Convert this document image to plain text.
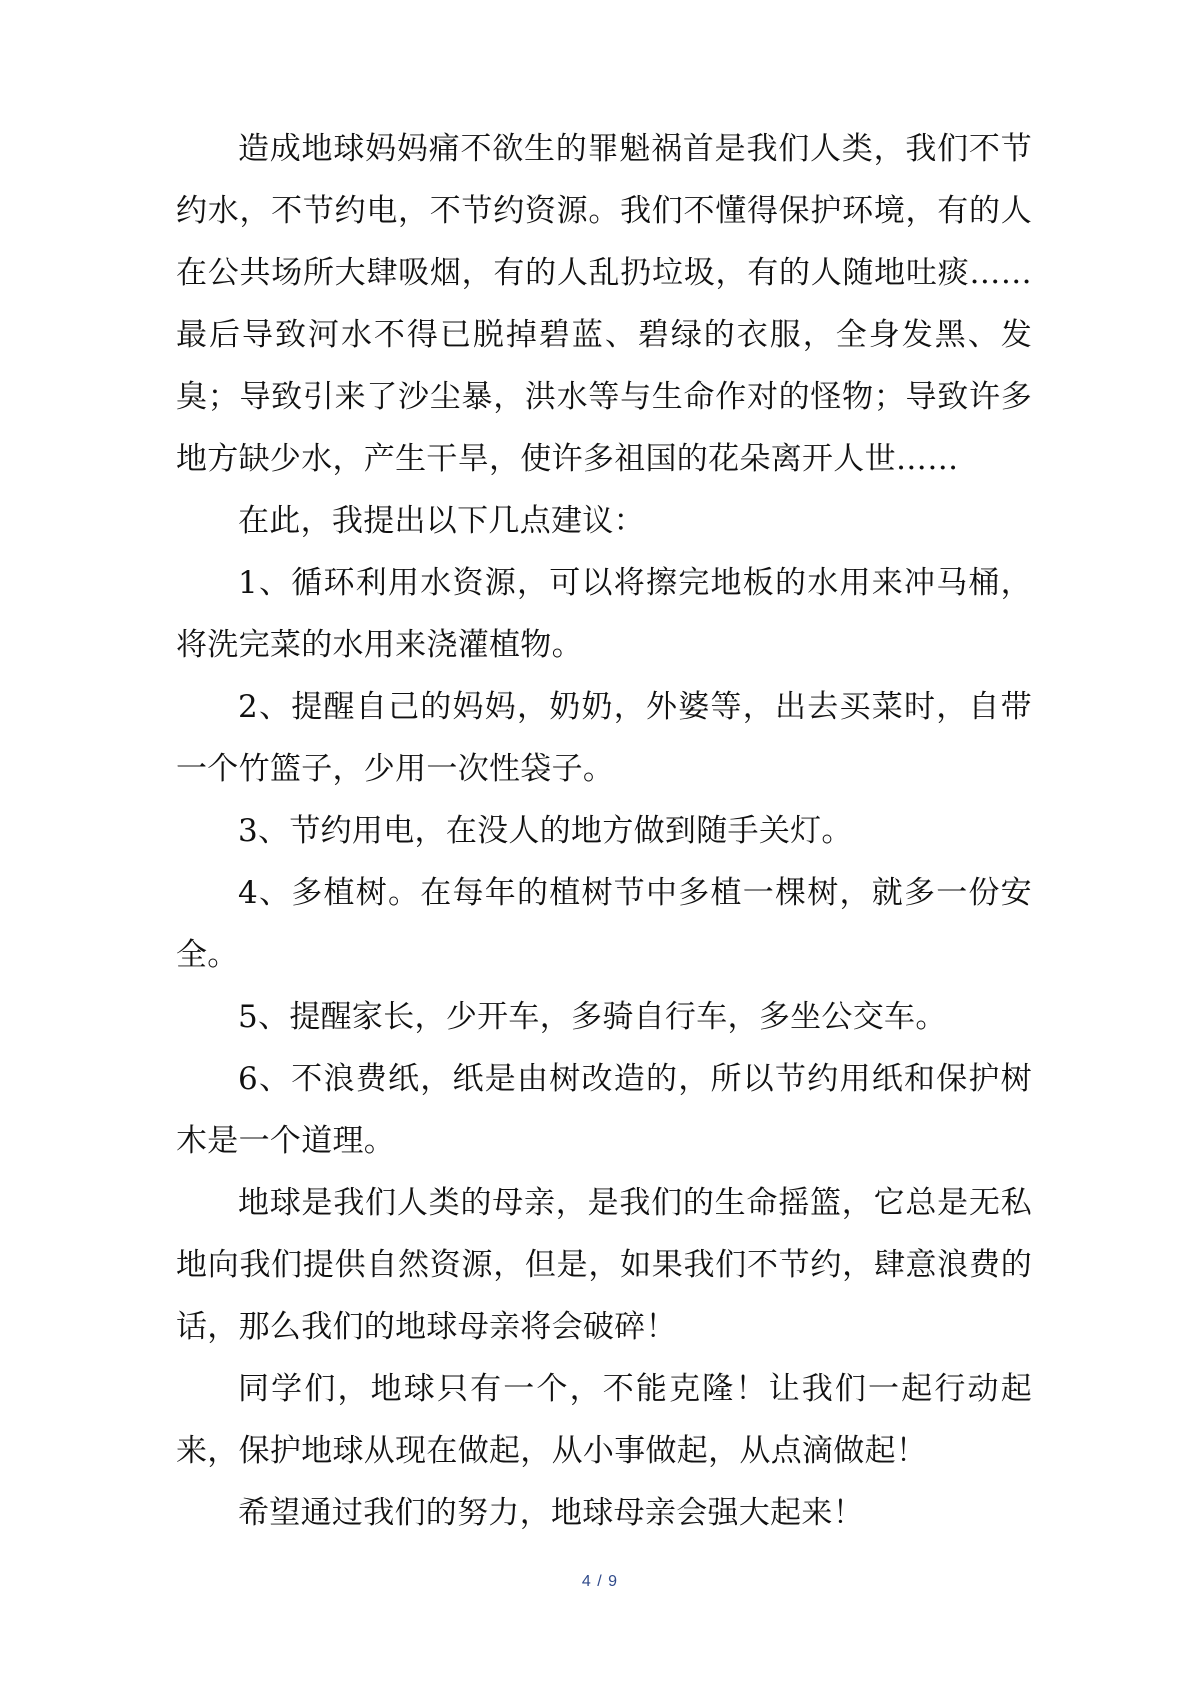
造成地球妈妈痛不欲生的罪魁祸首是我们人类，我们不节约水，不节约电，不节约资源。我们不懂得保护环境，有的人在公共场所大肆吸烟，有的人乱扔垃圾，有的人随地吐痰……最后导致河水不得已脱掉碧蓝、碧绿的衣服，全身发黑、发臭；导致引来了沙尘暴，洪水等与生命作对的怪物；导致许多地方缺少水，产生干旱，使许多祖国的花朵离开人世……

在此，我提出以下几点建议：

1、循环利用水资源，可以将擦完地板的水用来冲马桶，将洗完菜的水用来浇灌植物。

2、提醒自己的妈妈，奶奶，外婆等，出去买菜时，自带一个竹篮子，少用一次性袋子。

3、节约用电，在没人的地方做到随手关灯。

4、多植树。在每年的植树节中多植一棵树，就多一份安全。

5、提醒家长，少开车，多骑自行车，多坐公交车。

6、不浪费纸，纸是由树改造的，所以节约用纸和保护树木是一个道理。

地球是我们人类的母亲，是我们的生命摇篮，它总是无私地向我们提供自然资源，但是，如果我们不节约，肆意浪费的话，那么我们的地球母亲将会破碎！

同学们，地球只有一个，不能克隆！让我们一起行动起来，保护地球从现在做起，从小事做起，从点滴做起！

希望通过我们的努力，地球母亲会强大起来！

4 / 9
